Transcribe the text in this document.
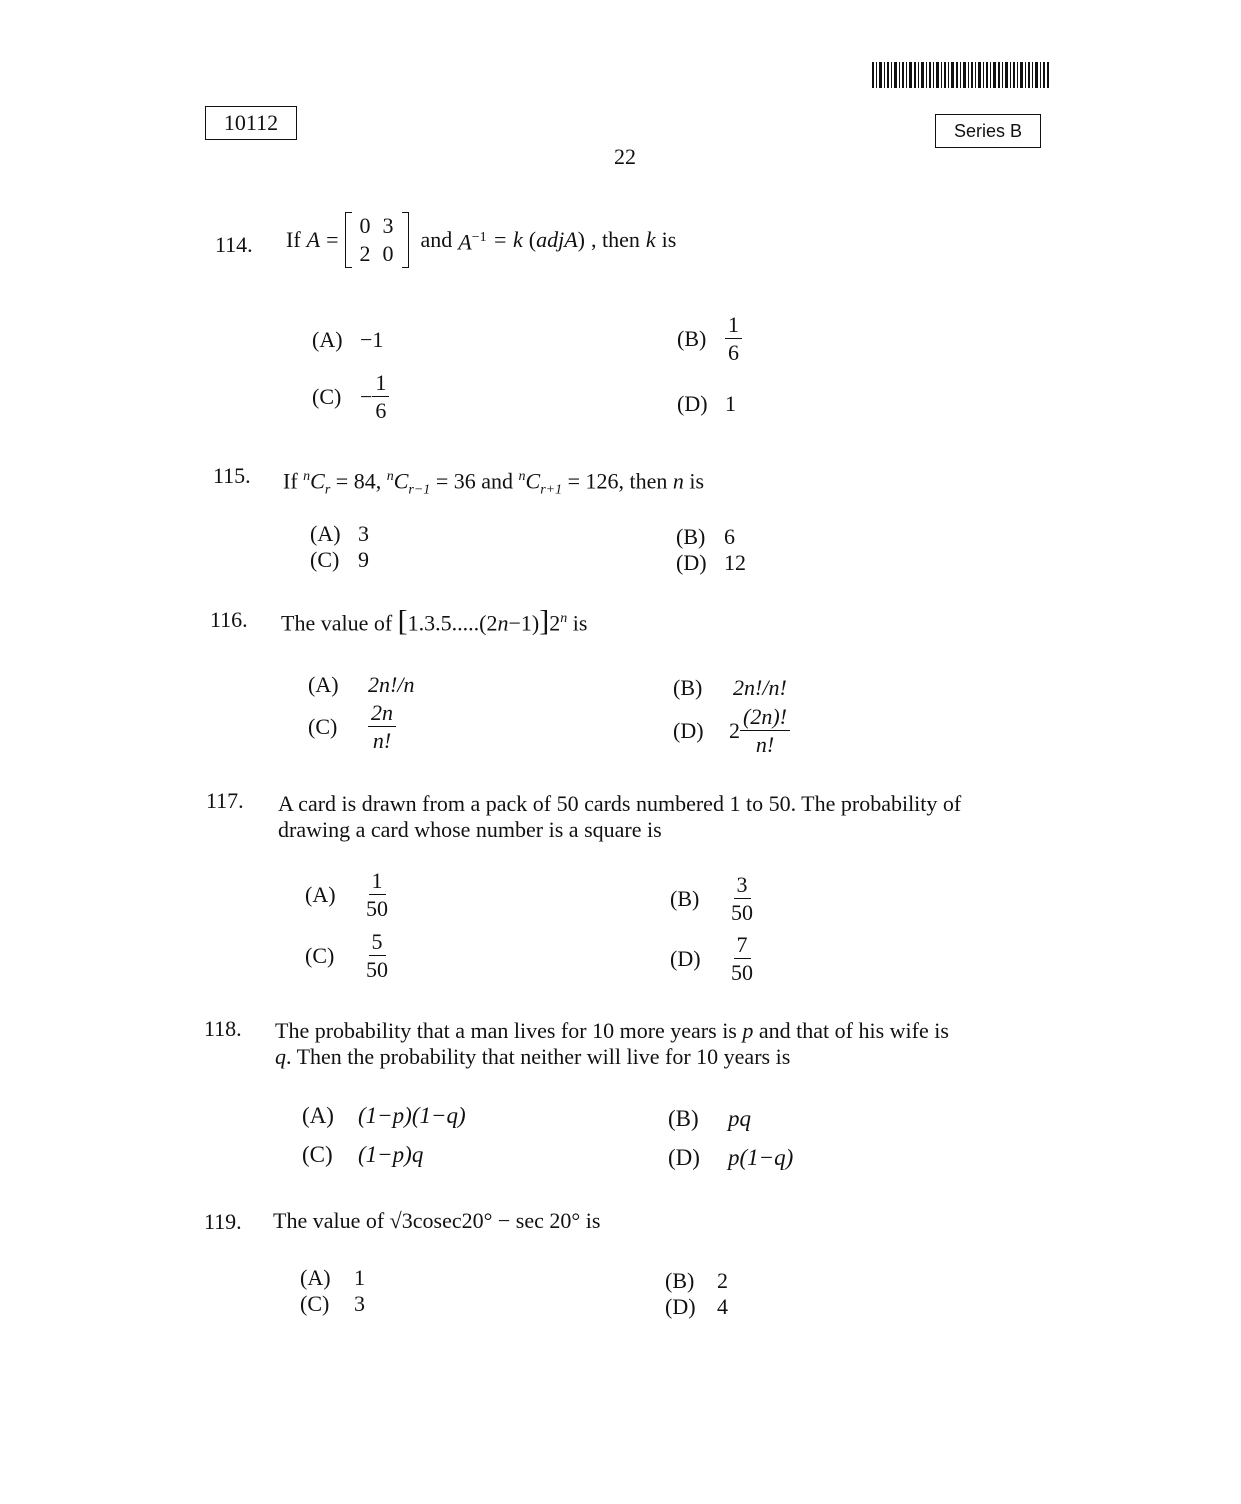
10112	Series B
22
114. If A =
0	3
2	0
and $A^{-1} = k$ (adjA) , then k is
(A) −1	$(B) \frac{1}{6}$
$(C) - \frac{1}{6}$	(D) 1
115. If $^nC_r = 84$, $^nC_{r-1} = 36$ and $^nC_{r+1} = 126$, then n is
(A) 3	(B) 6
(C) 9	(D) 12
116. The value of $[1.3.5.....(2n-1)]2^n$ is
(A) 2n!/n	(B) 2n!/n!
(C)	$\frac{2n}{n!}$	(D)	$2 \frac{(2n)!}{n!}$
117. A card is drawn from a pack of 50 cards numbered 1 to 50. The probability of
drawing a card whose number is a square is
(A)	$\frac{1}{50}$	(B)	$\frac{3}{50}$
(C)	$\frac{5}{50}$	(D)	$\frac{7}{50}$
118. The probability that a man lives for 10 more years is p and that of his wife is
q. Then the probability that neither will live for 10 years is
(A) (1−p)(1−q)	(B) pq
(C) (1−p)q	(D) p(1−q)
119. The value of √3cosec20° − sec 20° is
(A) 1	(B) 2
(C) 3	(D) 4
